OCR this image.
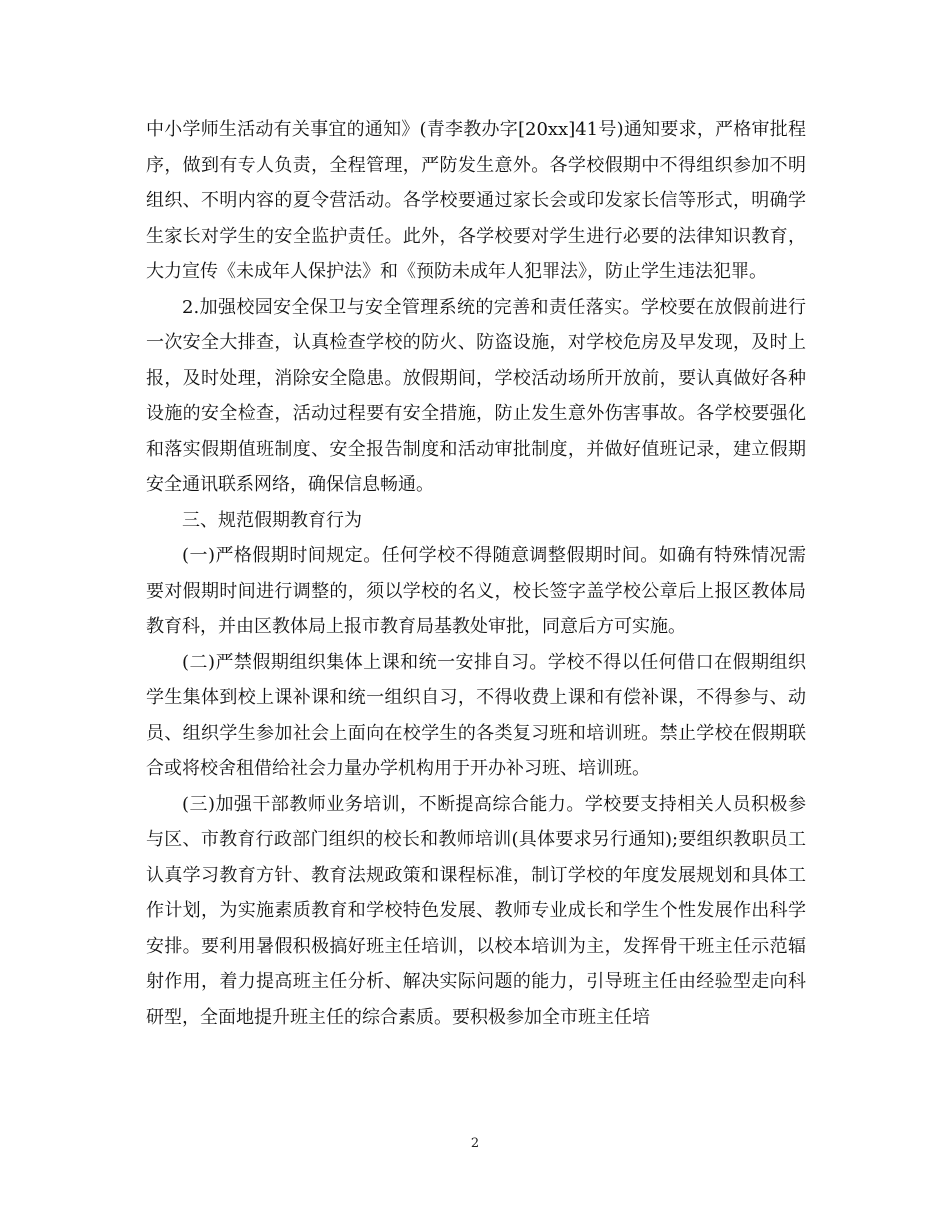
中小学师生活动有关事宜的通知》(青李教办字[20xx]41号)通知要求，严格审批程序，做到有专人负责，全程管理，严防发生意外。各学校假期中不得组织参加不明组织、不明内容的夏令营活动。各学校要通过家长会或印发家长信等形式，明确学生家长对学生的安全监护责任。此外，各学校要对学生进行必要的法律知识教育，大力宣传《未成年人保护法》和《预防未成年人犯罪法》，防止学生违法犯罪。

2.加强校园安全保卫与安全管理系统的完善和责任落实。学校要在放假前进行一次安全大排查，认真检查学校的防火、防盗设施，对学校危房及早发现，及时上报，及时处理，消除安全隐患。放假期间，学校活动场所开放前，要认真做好各种设施的安全检查，活动过程要有安全措施，防止发生意外伤害事故。各学校要强化和落实假期值班制度、安全报告制度和活动审批制度，并做好值班记录，建立假期安全通讯联系网络，确保信息畅通。

三、规范假期教育行为

(一)严格假期时间规定。任何学校不得随意调整假期时间。如确有特殊情况需要对假期时间进行调整的，须以学校的名义，校长签字盖学校公章后上报区教体局教育科，并由区教体局上报市教育局基教处审批，同意后方可实施。

(二)严禁假期组织集体上课和统一安排自习。学校不得以任何借口在假期组织学生集体到校上课补课和统一组织自习，不得收费上课和有偿补课，不得参与、动员、组织学生参加社会上面向在校学生的各类复习班和培训班。禁止学校在假期联合或将校舍租借给社会力量办学机构用于开办补习班、培训班。

(三)加强干部教师业务培训，不断提高综合能力。学校要支持相关人员积极参与区、市教育行政部门组织的校长和教师培训(具体要求另行通知);要组织教职员工认真学习教育方针、教育法规政策和课程标准，制订学校的年度发展规划和具体工作计划，为实施素质教育和学校特色发展、教师专业成长和学生个性发展作出科学安排。要利用暑假积极搞好班主任培训，以校本培训为主，发挥骨干班主任示范辐射作用，着力提高班主任分析、解决实际问题的能力，引导班主任由经验型走向科研型，全面地提升班主任的综合素质。要积极参加全市班主任培

2
